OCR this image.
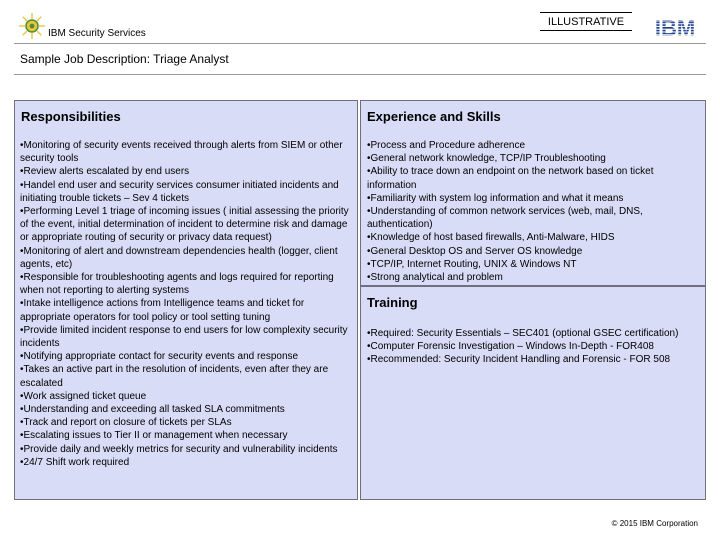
IBM Security Services
ILLUSTRATIVE	IBM
Sample Job Description: Triage Analyst
Responsibilities
• Monitoring of security events received through alerts from SIEM or other security tools
• Review alerts escalated by end users
• Handel end user and security services consumer initiated incidents and initiating trouble tickets – Sev 4 tickets
• Performing Level 1 triage of incoming issues ( initial assessing the priority of the event, initial determination of incident to determine risk and damage or appropriate routing of security or privacy data request)
• Monitoring of alert and downstream dependencies health (logger, client agents, etc)
• Responsible for troubleshooting agents and logs required for reporting when not reporting to alerting systems
• Intake intelligence actions from Intelligence teams and ticket for appropriate operators for tool policy or tool setting tuning
• Provide limited incident response to end users for low complexity security incidents
• Notifying appropriate contact for security events and response
• Takes an active part in the resolution of incidents, even after they are escalated
• Work assigned ticket queue
• Understanding and exceeding all tasked SLA commitments
• Track and report on closure of tickets per SLAs
• Escalating issues to Tier II or management when necessary
• Provide daily and weekly metrics for security and vulnerability incidents
• 24/7 Shift work required
Experience and Skills
• Process and Procedure adherence
• General network knowledge, TCP/IP Troubleshooting
• Ability to trace down an endpoint on the network based on ticket information
• Familiarity with system log information and what it means
• Understanding of common network services (web, mail, DNS, authentication)
• Knowledge of host based firewalls, Anti-Malware, HIDS
• General Desktop OS and Server OS knowledge
• TCP/IP, Internet Routing, UNIX & Windows NT
• Strong analytical and problem
Training
• Required: Security Essentials – SEC401 (optional GSEC certification)
• Computer Forensic Investigation – Windows In-Depth - FOR408
• Recommended: Security Incident Handling and Forensic - FOR 508
© 2015 IBM Corporation
